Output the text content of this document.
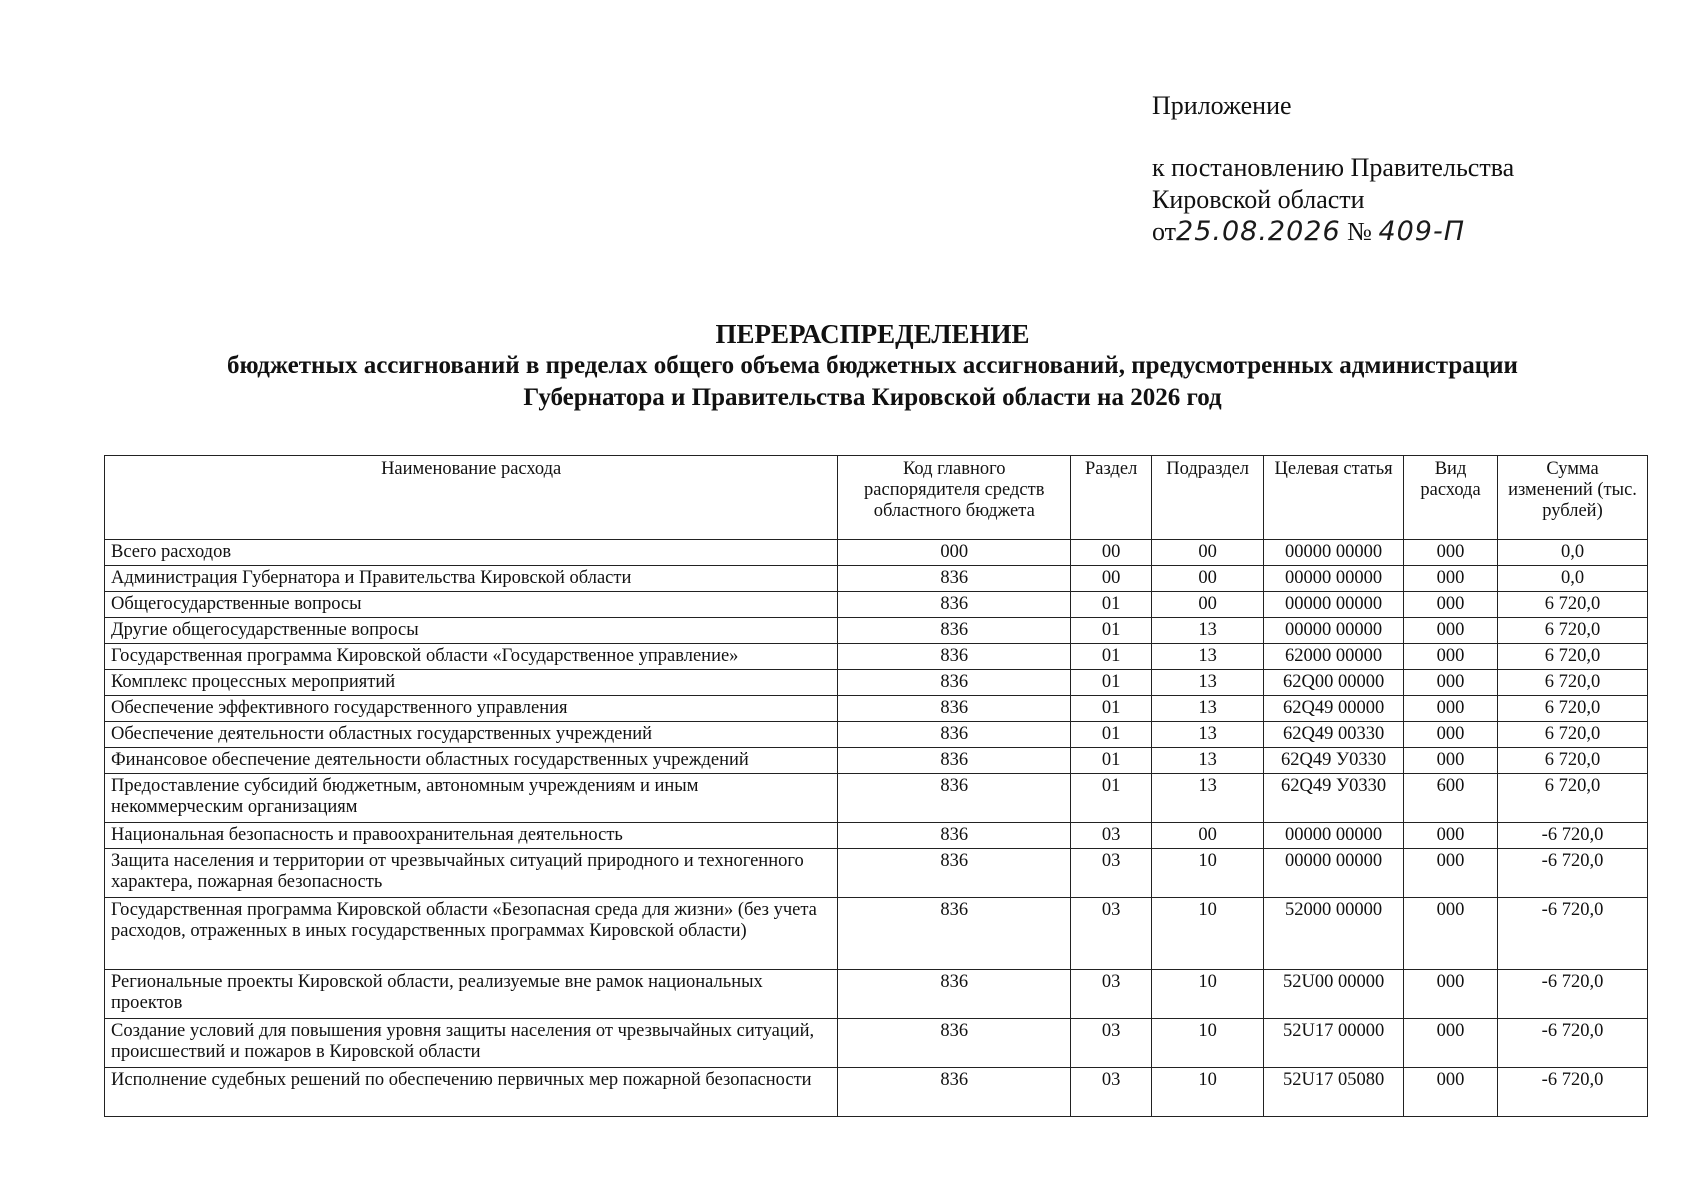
Приложение
к постановлению Правительства
Кировской области
от25.08.2026 № 409-П
ПЕРЕРАСПРЕДЕЛЕНИЕ
бюджетных ассигнований в пределах общего объема бюджетных ассигнований, предусмотренных администрации
Губернатора и Правительства Кировской области на 2026 год
Наименование расхода	Код главного распорядителя средств областного бюджета	Раздел	Подраздел	Целевая статья	Вид расхода	Сумма изменений (тыс. рублей)
Всего расходов	000	00	00	00000 00000	000	0,0
Администрация Губернатора и Правительства Кировской области	836	00	00	00000 00000	000	0,0
Общегосударственные вопросы	836	01	00	00000 00000	000	6 720,0
Другие общегосударственные вопросы	836	01	13	00000 00000	000	6 720,0
Государственная программа Кировской области «Государственное управление»	836	01	13	62000 00000	000	6 720,0
Комплекс процессных мероприятий	836	01	13	62Q00 00000	000	6 720,0
Обеспечение эффективного государственного управления	836	01	13	62Q49 00000	000	6 720,0
Обеспечение деятельности областных государственных учреждений	836	01	13	62Q49 00330	000	6 720,0
Финансовое обеспечение деятельности областных государственных учреждений	836	01	13	62Q49 У0330	000	6 720,0
Предоставление субсидий бюджетным, автономным учреждениям и иным некоммерческим организациям	836	01	13	62Q49 У0330	600	6 720,0
Национальная безопасность и правоохранительная деятельность	836	03	00	00000 00000	000	-6 720,0
Защита населения и территории от чрезвычайных ситуаций природного и техногенного характера, пожарная безопасность	836	03	10	00000 00000	000	-6 720,0
Государственная программа Кировской области «Безопасная среда для жизни» (без учета расходов, отраженных в иных государственных программах Кировской области)	836	03	10	52000 00000	000	-6 720,0
Региональные проекты Кировской области, реализуемые вне рамок национальных проектов	836	03	10	52U00 00000	000	-6 720,0
Создание условий для повышения уровня защиты населения от чрезвычайных ситуаций, происшествий и пожаров в Кировской области	836	03	10	52U17 00000	000	-6 720,0
Исполнение судебных решений по обеспечению первичных мер пожарной безопасности	836	03	10	52U17 05080	000	-6 720,0
